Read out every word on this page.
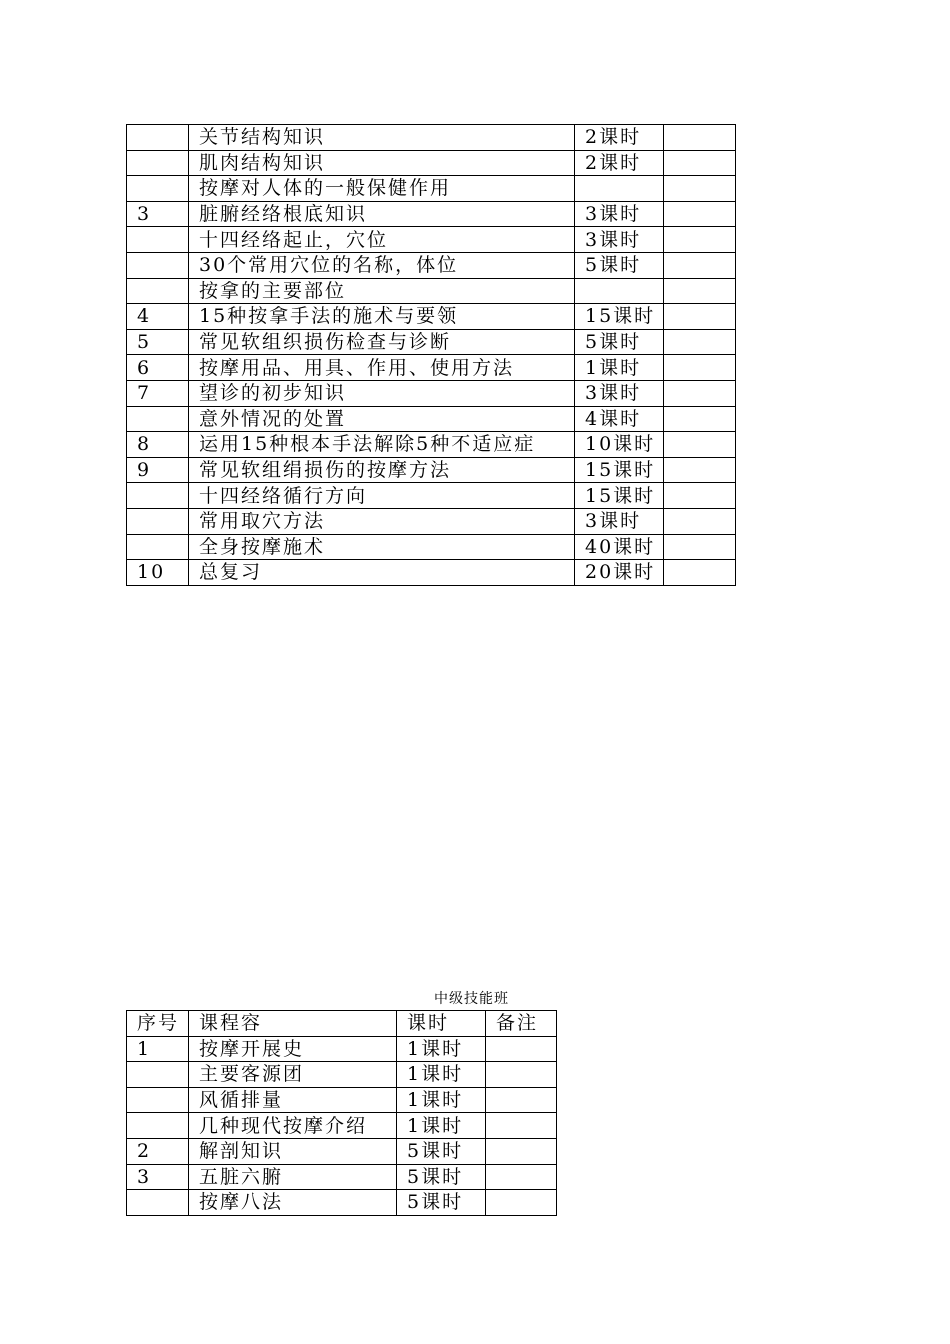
	关节结构知识	2课时	
	肌肉结构知识	2课时	
	按摩对人体的一般保健作用		
3	脏腑经络根底知识	3课时	
	十四经络起止，穴位	3课时	
	30个常用穴位的名称，体位	5课时	
	按拿的主要部位		
4	15种按拿手法的施术与要领	15课时	
5	常见软组织损伤检查与诊断	5课时	
6	按摩用品、用具、作用、使用方法	1课时	
7	望诊的初步知识	3课时	
	意外情况的处置	4课时	
8	运用15种根本手法解除5种不适应症	10课时	
9	常见软组绢损伤的按摩方法	15课时	
	十四经络循行方向	15课时	
	常用取穴方法	3课时	
	全身按摩施术	40课时	
10	总复习	20课时	
中级技能班
序号	课程容	课时	备注
1	按摩开展史	1课时	
	主要客源团	1课时	
	风循排量	1课时	
	几种现代按摩介绍	1课时	
2	解剖知识	5课时	
3	五脏六腑	5课时	
	按摩八法	5课时	
